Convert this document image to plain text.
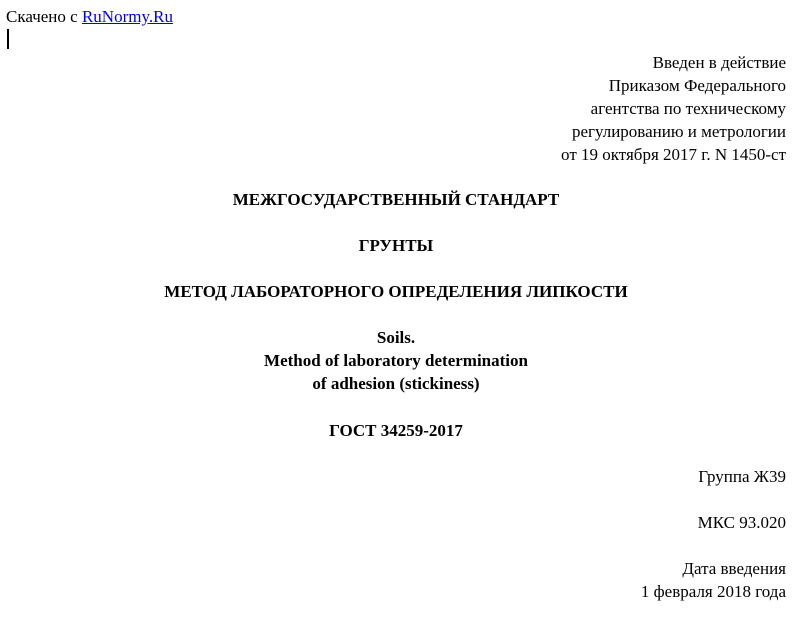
Скачено с RuNormy.Ru
Введен в действие
Приказом Федерального
агентства по техническому
регулированию и метрологии
от 19 октября 2017 г. N 1450-ст
МЕЖГОСУДАРСТВЕННЫЙ СТАНДАРТ
ГРУНТЫ
МЕТОД ЛАБОРАТОРНОГО ОПРЕДЕЛЕНИЯ ЛИПКОСТИ
Soils.
Method of laboratory determination
of adhesion (stickiness)
ГОСТ 34259-2017
Группа Ж39
МКС 93.020
Дата введения
1 февраля 2018 года
